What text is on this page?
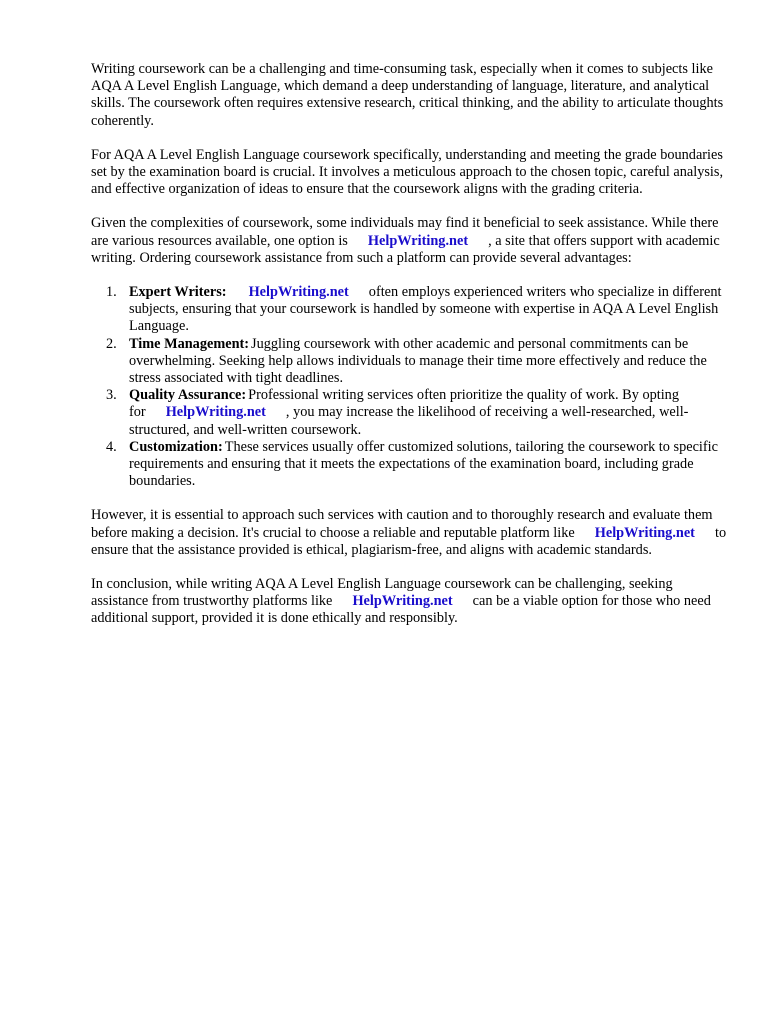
Writing coursework can be a challenging and time-consuming task, especially when it comes to subjects like AQA A Level English Language, which demand a deep understanding of language, literature, and analytical skills. The coursework often requires extensive research, critical thinking, and the ability to articulate thoughts coherently.

For AQA A Level English Language coursework specifically, understanding and meeting the grade boundaries set by the examination board is crucial. It involves a meticulous approach to the chosen topic, careful analysis, and effective organization of ideas to ensure that the coursework aligns with the grading criteria.

Given the complexities of coursework, some individuals may find it beneficial to seek assistance. While there are various resources available, one option is HelpWriting.net , a site that offers support with academic writing. Ordering coursework assistance from such a platform can provide several advantages:

1. Expert Writers: HelpWriting.net often employs experienced writers who specialize in different subjects, ensuring that your coursework is handled by someone with expertise in AQA A Level English Language.
2. Time Management: Juggling coursework with other academic and personal commitments can be overwhelming. Seeking help allows individuals to manage their time more effectively and reduce the stress associated with tight deadlines.
3. Quality Assurance: Professional writing services often prioritize the quality of work. By opting for HelpWriting.net , you may increase the likelihood of receiving a well-researched, well-structured, and well-written coursework.
4. Customization: These services usually offer customized solutions, tailoring the coursework to specific requirements and ensuring that it meets the expectations of the examination board, including grade boundaries.

However, it is essential to approach such services with caution and to thoroughly research and evaluate them before making a decision. It's crucial to choose a reliable and reputable platform like HelpWriting.net to ensure that the assistance provided is ethical, plagiarism-free, and aligns with academic standards.

In conclusion, while writing AQA A Level English Language coursework can be challenging, seeking assistance from trustworthy platforms like HelpWriting.net can be a viable option for those who need additional support, provided it is done ethically and responsibly.
